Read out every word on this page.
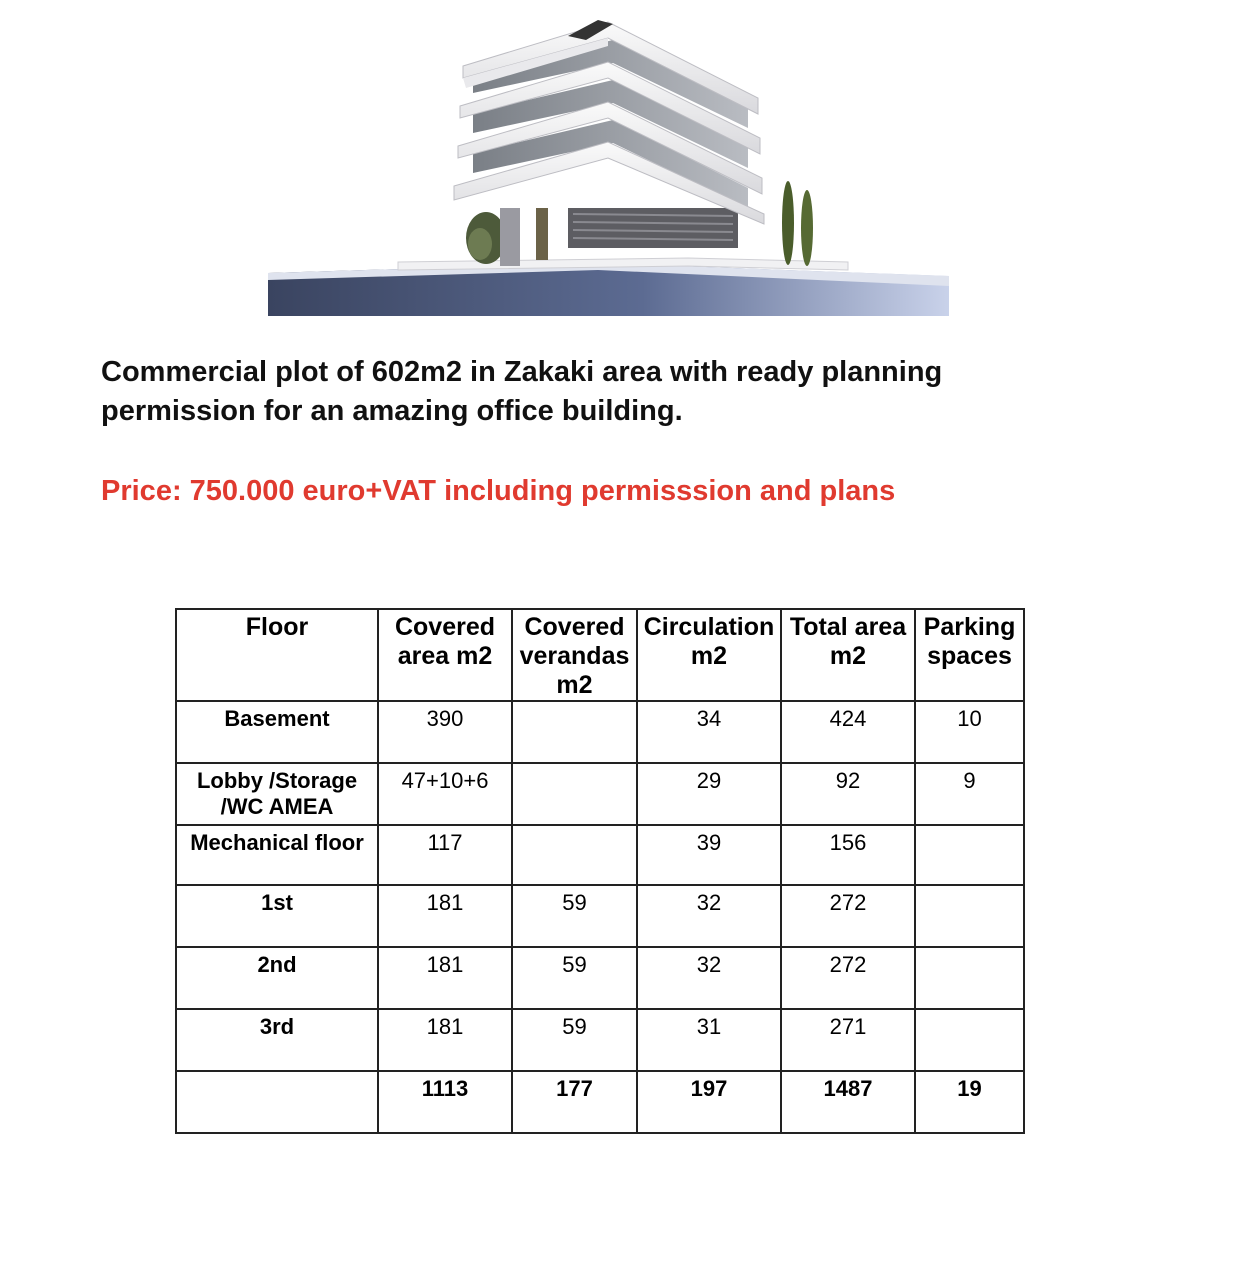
Commercial plot of 602m2 in Zakaki area with ready planning permission for an amazing office building.

Price: 750.000 euro+VAT including permisssion and plans

Floor	Covered area m2	Covered verandas m2	Circulation m2	Total area m2	Parking spaces
Basement	390		34	424	10
Lobby /Storage /WC AMEA	47+10+6		29	92	9
Mechanical floor	117		39	156	
1st	181	59	32	272	
2nd	181	59	32	272	
3rd	181	59	31	271	
	1113	177	197	1487	19
